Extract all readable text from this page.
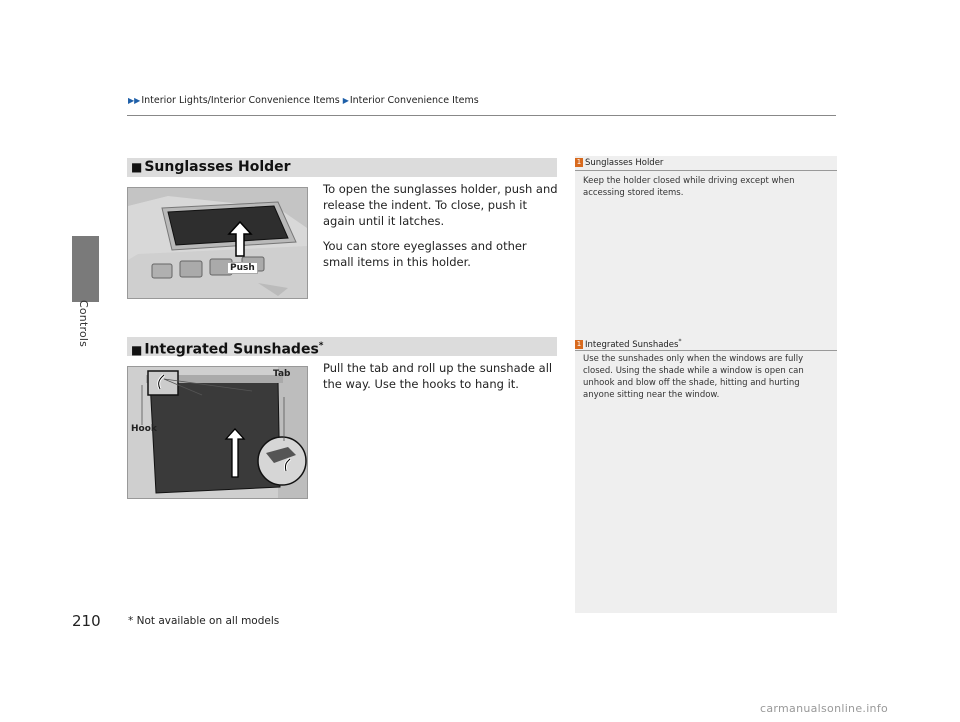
Controls
210
▶▶Interior Lights/Interior Convenience Items ▶Interior Convenience Items
■ Sunglasses Holder
Push

To open the sunglasses holder, push and release the indent. To close, push it again until it latches.

You can store eyeglasses and other small items in this holder.

■ Integrated Sunshades*
Tab
Hook

Pull the tab and roll up the sunshade all the way. Use the hooks to hang it.

1 Sunglasses Holder
Keep the holder closed while driving except when accessing stored items.
1 Integrated Sunshades*
Use the sunshades only when the windows are fully closed. Using the shade while a window is open can unhook and blow off the shade, hitting and hurting anyone sitting near the window.
* Not available on all models
carmanualsonline.info
